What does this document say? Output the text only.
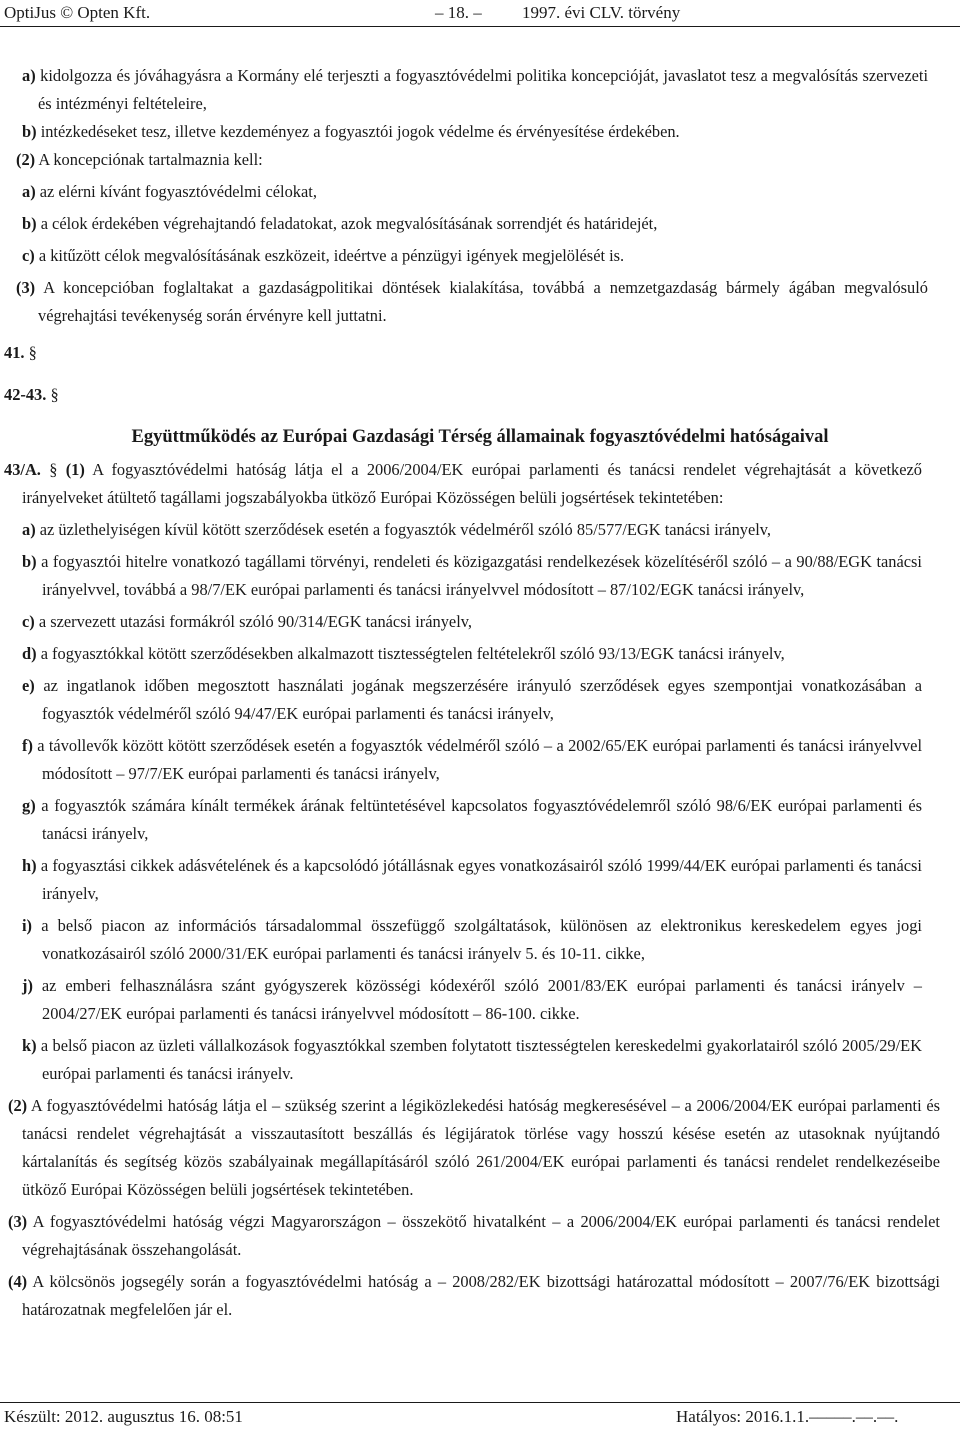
OptiJus © Opten Kft.	– 18. – 1997. évi CLV. törvény

a) kidolgozza és jóváhagyásra a Kormány elé terjeszti a fogyasztóvédelmi politika koncepcióját, javaslatot tesz a megvalósítás szervezeti és intézményi feltételeire,

b) intézkedéseket tesz, illetve kezdeményez a fogyasztói jogok védelme és érvényesítése érdekében.

(2) A koncepciónak tartalmaznia kell:

a) az elérni kívánt fogyasztóvédelmi célokat,

b) a célok érdekében végrehajtandó feladatokat, azok megvalósításának sorrendjét és határidejét,

c) a kitűzött célok megvalósításának eszközeit, ideértve a pénzügyi igények megjelölését is.

(3) A koncepcióban foglaltakat a gazdaságpolitikai döntések kialakítása, továbbá a nemzetgazdaság bármely ágában megvalósuló végrehajtási tevékenység során érvényre kell juttatni.

41. §

42-43. §

Együttműködés az Európai Gazdasági Térség államainak fogyasztóvédelmi hatóságaival

43/A. § (1) A fogyasztóvédelmi hatóság látja el a 2006/2004/EK európai parlamenti és tanácsi rendelet végrehajtását a következő irányelveket átültető tagállami jogszabályokba ütköző Európai Közösségen belüli jogsértések tekintetében:

a) az üzlethelyiségen kívül kötött szerződések esetén a fogyasztók védelméről szóló 85/577/EGK tanácsi irányelv,

b) a fogyasztói hitelre vonatkozó tagállami törvényi, rendeleti és közigazgatási rendelkezések közelítéséről szóló – a 90/88/EGK tanácsi irányelvvel, továbbá a 98/7/EK európai parlamenti és tanácsi irányelvvel módosított – 87/102/EGK tanácsi irányelv,

c) a szervezett utazási formákról szóló 90/314/EGK tanácsi irányelv,

d) a fogyasztókkal kötött szerződésekben alkalmazott tisztességtelen feltételekről szóló 93/13/EGK tanácsi irányelv,

e) az ingatlanok időben megosztott használati jogának megszerzésére irányuló szerződések egyes szempontjai vonatkozásában a fogyasztók védelméről szóló 94/47/EK európai parlamenti és tanácsi irányelv,

f) a távollevők között kötött szerződések esetén a fogyasztók védelméről szóló – a 2002/65/EK európai parlamenti és tanácsi irányelvvel módosított – 97/7/EK európai parlamenti és tanácsi irányelv,

g) a fogyasztók számára kínált termékek árának feltüntetésével kapcsolatos fogyasztóvédelemről szóló 98/6/EK európai parlamenti és tanácsi irányelv,

h) a fogyasztási cikkek adásvételének és a kapcsolódó jótállásnak egyes vonatkozásairól szóló 1999/44/EK európai parlamenti és tanácsi irányelv,

i) a belső piacon az információs társadalommal összefüggő szolgáltatások, különösen az elektronikus kereskedelem egyes jogi vonatkozásairól szóló 2000/31/EK európai parlamenti és tanácsi irányelv 5. és 10-11. cikke,

j) az emberi felhasználásra szánt gyógyszerek közösségi kódexéről szóló 2001/83/EK európai parlamenti és tanácsi irányelv – 2004/27/EK európai parlamenti és tanácsi irányelvvel módosított – 86-100. cikke.

k) a belső piacon az üzleti vállalkozások fogyasztókkal szemben folytatott tisztességtelen kereskedelmi gyakorlatairól szóló 2005/29/EK európai parlamenti és tanácsi irányelv.

(2) A fogyasztóvédelmi hatóság látja el – szükség szerint a légiközlekedési hatóság megkeresésével – a 2006/2004/EK európai parlamenti és tanácsi rendelet végrehajtását a visszautasított beszállás és légijáratok törlése vagy hosszú késése esetén az utasoknak nyújtandó kártalanítás és segítség közös szabályainak megállapításáról szóló 261/2004/EK európai parlamenti és tanácsi rendelet rendelkezéseibe ütköző Európai Közösségen belüli jogsértések tekintetében.

(3) A fogyasztóvédelmi hatóság végzi Magyarországon – összekötő hivatalként – a 2006/2004/EK európai parlamenti és tanácsi rendelet végrehajtásának összehangolását.

(4) A kölcsönös jogsegély során a fogyasztóvédelmi hatóság a – 2008/282/EK bizottsági határozattal módosított – 2007/76/EK bizottsági határozatnak megfelelően jár el.

Készült: 2012. augusztus 16. 08:51	Hatályos: 2016.1.1.–––––.––.––.
